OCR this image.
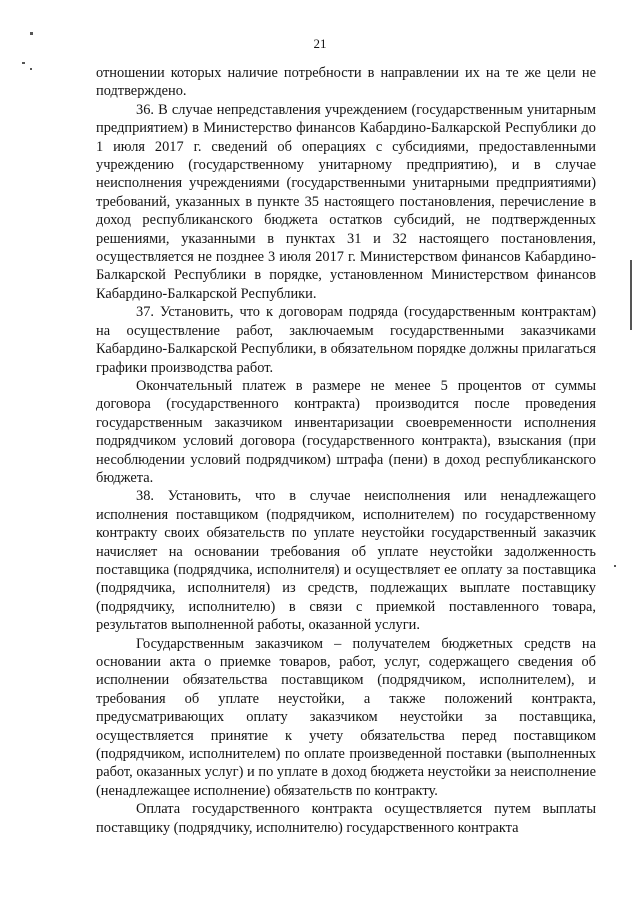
21

отношении которых наличие потребности в направлении их на те же цели не подтверждено.

36. В случае непредставления учреждением (государственным унитарным предприятием) в Министерство финансов Кабардино-Балкарской Республики до 1 июля 2017 г. сведений об операциях с субсидиями, предоставленными учреждению (государственному унитарному предприятию), и в случае неисполнения учреждениями (государственными унитарными предприятиями) требований, указанных в пункте 35 настоящего постановления, перечисление в доход республиканского бюджета остатков субсидий, не подтвержденных решениями, указанными в пунктах 31 и 32 настоящего постановления, осуществляется не позднее 3 июля 2017 г. Министерством финансов Кабардино-Балкарской Республики в порядке, установленном Министерством финансов Кабардино-Балкарской Республики.

37. Установить, что к договорам подряда (государственным контрактам) на осуществление работ, заключаемым государственными заказчиками Кабардино-Балкарской Республики, в обязательном порядке должны прилагаться графики производства работ.

Окончательный платеж в размере не менее 5 процентов от суммы договора (государственного контракта) производится после проведения государственным заказчиком инвентаризации своевременности исполнения подрядчиком условий договора (государственного контракта), взыскания (при несоблюдении условий подрядчиком) штрафа (пени) в доход республиканского бюджета.

38. Установить, что в случае неисполнения или ненадлежащего исполнения поставщиком (подрядчиком, исполнителем) по государственному контракту своих обязательств по уплате неустойки государственный заказчик начисляет на основании требования об уплате неустойки задолженность поставщика (подрядчика, исполнителя) и осуществляет ее оплату за поставщика (подрядчика, исполнителя) из средств, подлежащих выплате поставщику (подрядчику, исполнителю) в связи с приемкой поставленного товара, результатов выполненной работы, оказанной услуги.

Государственным заказчиком – получателем бюджетных средств на основании акта о приемке товаров, работ, услуг, содержащего сведения об исполнении обязательства поставщиком (подрядчиком, исполнителем), и требования об уплате неустойки, а также положений контракта, предусматривающих оплату заказчиком неустойки за поставщика, осуществляется принятие к учету обязательства перед поставщиком (подрядчиком, исполнителем) по оплате произведенной поставки (выполненных работ, оказанных услуг) и по уплате в доход бюджета неустойки за неисполнение (ненадлежащее исполнение) обязательств по контракту.

Оплата государственного контракта осуществляется путем выплаты поставщику (подрядчику, исполнителю) государственного контракта
